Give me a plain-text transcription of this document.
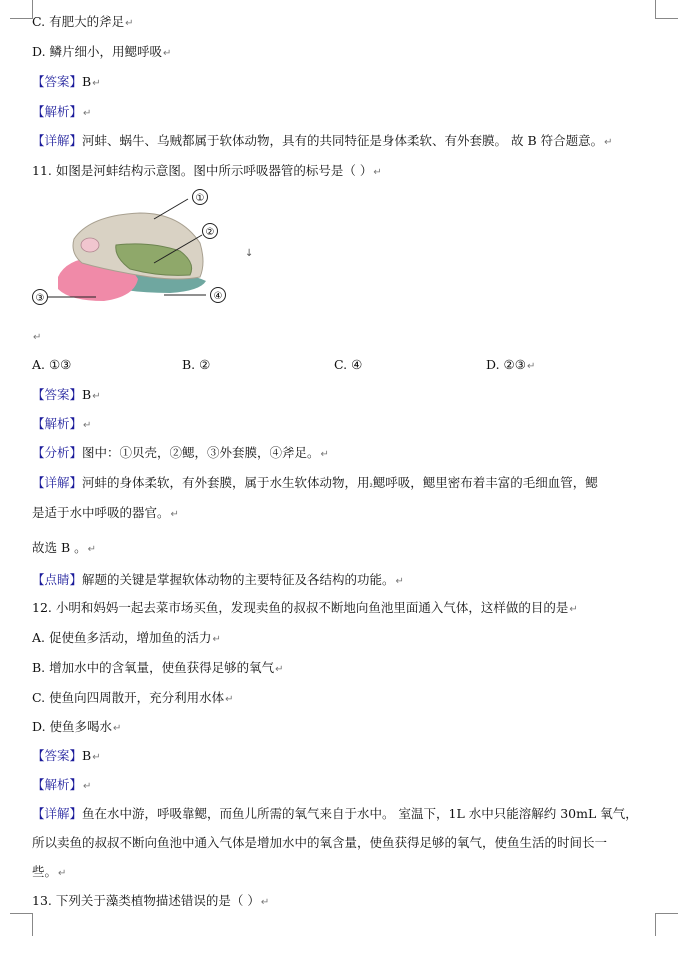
C. 有肥大的斧足↵
D. 鳞片细小，用鳃呼吸↵
【答案】B↵
【解析】↵
【详解】河蚌、蜗牛、乌贼都属于软体动物，具有的共同特征是身体柔软、有外套膜。 故 B 符合题意。↵
11. 如图是河蚌结构示意图。图中所示呼吸器管的标号是（ ）↵
①
②
③	④
↓
↵
A. ①③	B. ②	C. ④	D. ②③↵
【答案】B↵
【解析】↵
【分析】图中：①贝壳，②鳃，③外套膜，④斧足。↵
【详解】河蚌的身体柔软，有外套膜，属于水生软体动物，用₂鳃呼吸，鳃里密布着丰富的毛细血管，鳃
是适于水中呼吸的器官。↵
故选 B 。↵
【点睛】解题的关键是掌握软体动物的主要特征及各结构的功能。↵
12. 小明和妈妈一起去菜市场买鱼，发现卖鱼的叔叔不断地向鱼池里面通入气体，这样做的目的是↵
A. 促使鱼多活动，增加鱼的活力↵
B. 增加水中的含氧量，使鱼获得足够的氧气↵
C. 使鱼向四周散开，充分利用水体↵
D. 使鱼多喝水↵
【答案】B↵
【解析】↵
【详解】鱼在水中游，呼吸靠鳃，而鱼儿所需的氧气来自于水中。 室温下，1L 水中只能溶解约 30mL 氧气，
所以卖鱼的叔叔不断向鱼池中通入气体是增加水中的氧含量，使鱼获得足够的氧气，使鱼生活的时间长一
些。↵
13. 下列关于藻类植物描述错误的是（ ）↵
